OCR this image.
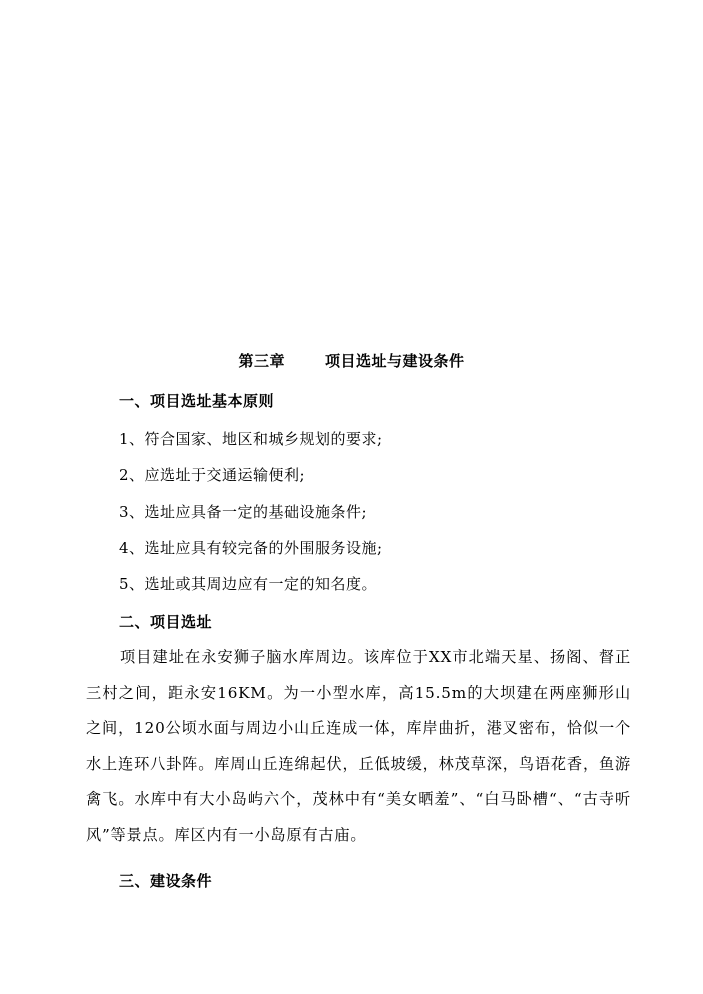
第三章	项目选址与建设条件
一、项目选址基本原则
1、符合国家、地区和城乡规划的要求;
2、应选址于交通运输便利;
3、选址应具备一定的基础设施条件;
4、选址应具有较完备的外围服务设施;
5、选址或其周边应有一定的知名度。
二、项目选址
项目建址在永安狮子脑水库周边。该库位于XX市北端天星、扬阁、督正三村之间，距永安16KM。为一小型水库，高15.5m的大坝建在两座狮形山之间，120公顷水面与周边小山丘连成一体，库岸曲折，港叉密布，恰似一个水上连环八卦阵。库周山丘连绵起伏，丘低坡缓，林茂草深，鸟语花香，鱼游禽飞。水库中有大小岛屿六个，茂林中有“美女晒羞”、“白马卧槽“、“古寺听风”等景点。库区内有一小岛原有古庙。
三、建设条件
